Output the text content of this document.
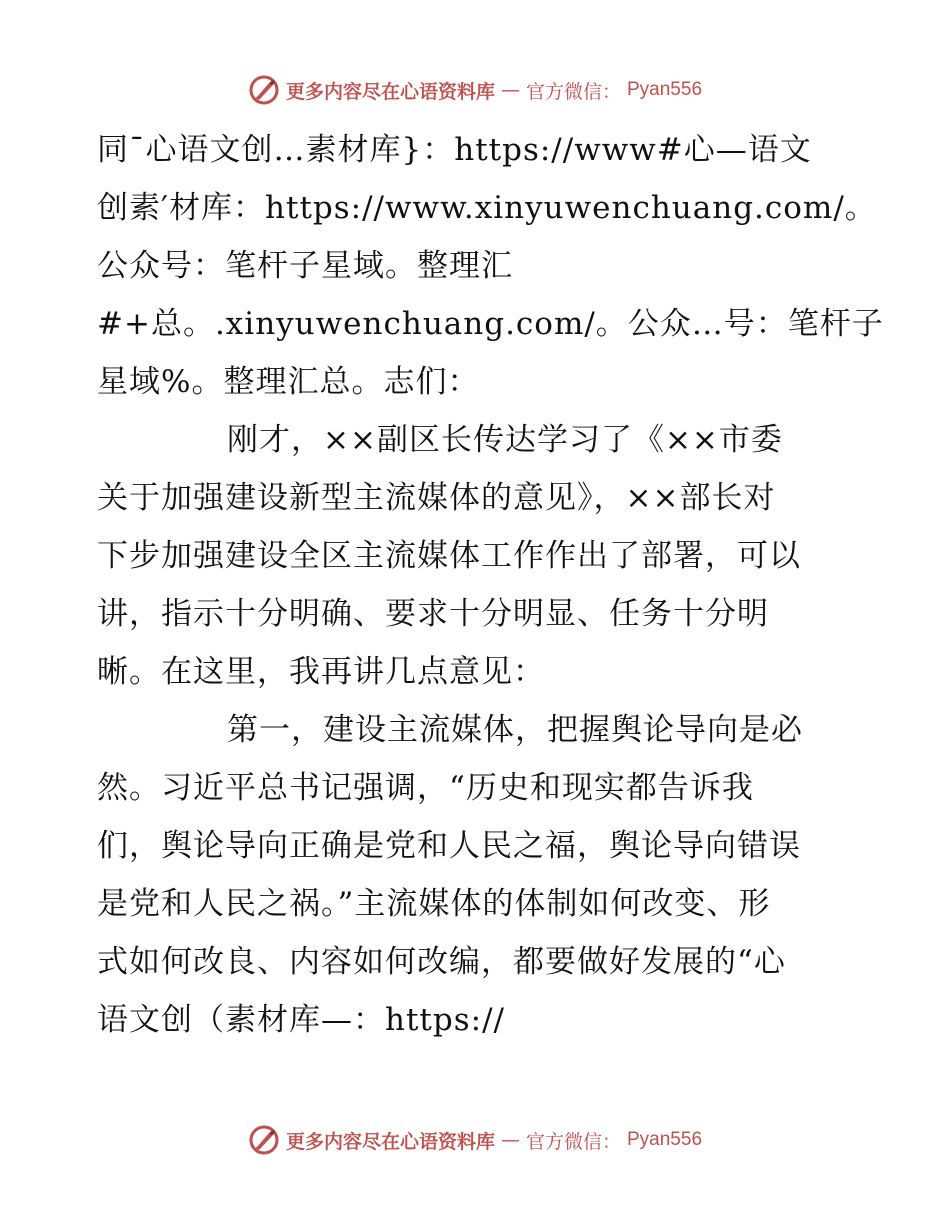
更多内容尽在心语资料库 — 官方微信： Pyan556
同¯心语文创…素材库}：https://www#心—语文
创素′材库：https://www.xinyuwenchuang.com/。
公众号：笔杆子星域。整理汇
#+总。.xinyuwenchuang.com/。公众…号：笔杆子
星域%。整理汇总。志们：
刚才，××副区长传达学习了《××市委
关于加强建设新型主流媒体的意见》，××部长对
下步加强建设全区主流媒体工作作出了部署，可以
讲，指示十分明确、要求十分明显、任务十分明
晰。在这里，我再讲几点意见：
第一，建设主流媒体，把握舆论导向是必
然。习近平总书记强调，“历史和现实都告诉我
们，舆论导向正确是党和人民之福，舆论导向错误
是党和人民之祸。”主流媒体的体制如何改变、形
式如何改良、内容如何改编，都要做好发展的“心
语文创（素材库—：https://
更多内容尽在心语资料库 — 官方微信： Pyan556
